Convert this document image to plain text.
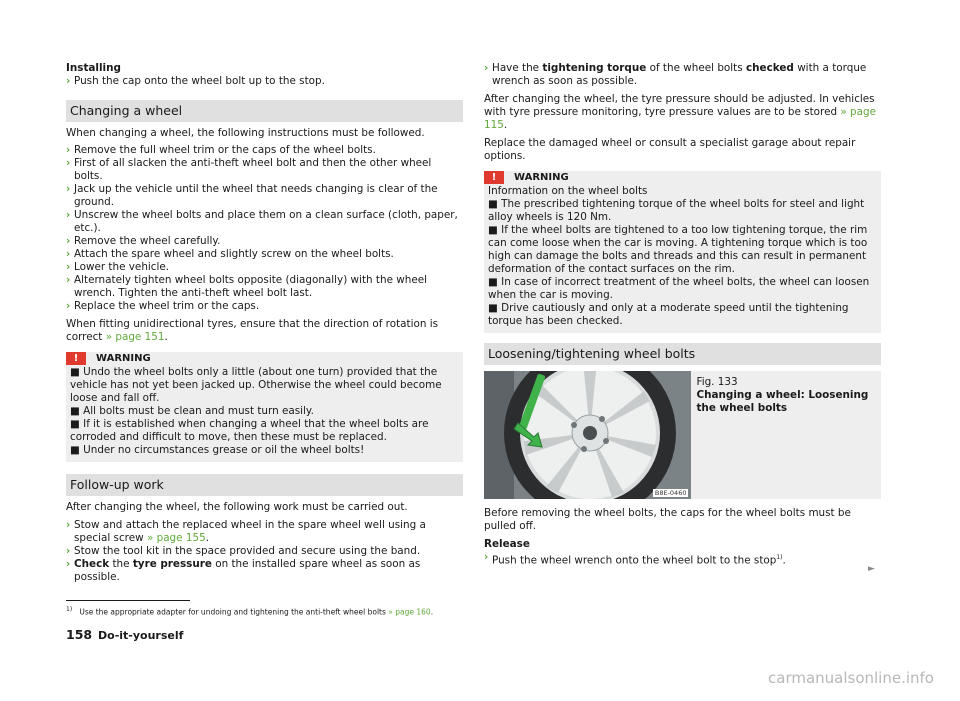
Installing

› Push the cap onto the wheel bolt up to the stop.

Changing a wheel

When changing a wheel, the following instructions must be followed.

› Remove the full wheel trim or the caps of the wheel bolts.

› First of all slacken the anti-theft wheel bolt and then the other wheel bolts.

› Jack up the vehicle until the wheel that needs changing is clear of the ground.

› Unscrew the wheel bolts and place them on a clean surface (cloth, paper, etc.).

› Remove the wheel carefully.

› Attach the spare wheel and slightly screw on the wheel bolts.

› Lower the vehicle.

› Alternately tighten wheel bolts opposite (diagonally) with the wheel wrench. Tighten the anti-theft wheel bolt last.

› Replace the wheel trim or the caps.

When fitting unidirectional tyres, ensure that the direction of rotation is correct » page 151.

!	WARNING

■ Undo the wheel bolts only a little (about one turn) provided that the vehicle has not yet been jacked up. Otherwise the wheel could become loose and fall off.

■ All bolts must be clean and must turn easily.

■ If it is established when changing a wheel that the wheel bolts are corroded and difficult to move, then these must be replaced.

■ Under no circumstances grease or oil the wheel bolts!

Follow-up work

After changing the wheel, the following work must be carried out.

› Stow and attach the replaced wheel in the spare wheel well using a special screw » page 155.

› Stow the tool kit in the space provided and secure using the band.

› Check the tyre pressure on the installed spare wheel as soon as possible.

› Have the tightening torque of the wheel bolts checked with a torque wrench as soon as possible.

After changing the wheel, the tyre pressure should be adjusted. In vehicles with tyre pressure monitoring, tyre pressure values are to be stored » page 115.

Replace the damaged wheel or consult a specialist garage about repair options.

!	WARNING

Information on the wheel bolts

■ The prescribed tightening torque of the wheel bolts for steel and light alloy wheels is 120 Nm.

■ If the wheel bolts are tightened to a too low tightening torque, the rim can come loose when the car is moving. A tightening torque which is too high can damage the bolts and threads and this can result in permanent deformation of the contact surfaces on the rim.

■ In case of incorrect treatment of the wheel bolts, the wheel can loosen when the car is moving.

■ Drive cautiously and only at a moderate speed until the tightening torque has been checked.

Loosening/tightening wheel bolts

B8E-0460

Fig. 133

Changing a wheel: Loosening the wheel bolts

Before removing the wheel bolts, the caps for the wheel bolts must be pulled off.

Release

› Push the wheel wrench onto the wheel bolt to the stop$^{1)}$.

►

$^{1)}$ Use the appropriate adapter for undoing and tightening the anti-theft wheel bolts » page 160.

158 Do-it-yourself
carmanualsonline.info
